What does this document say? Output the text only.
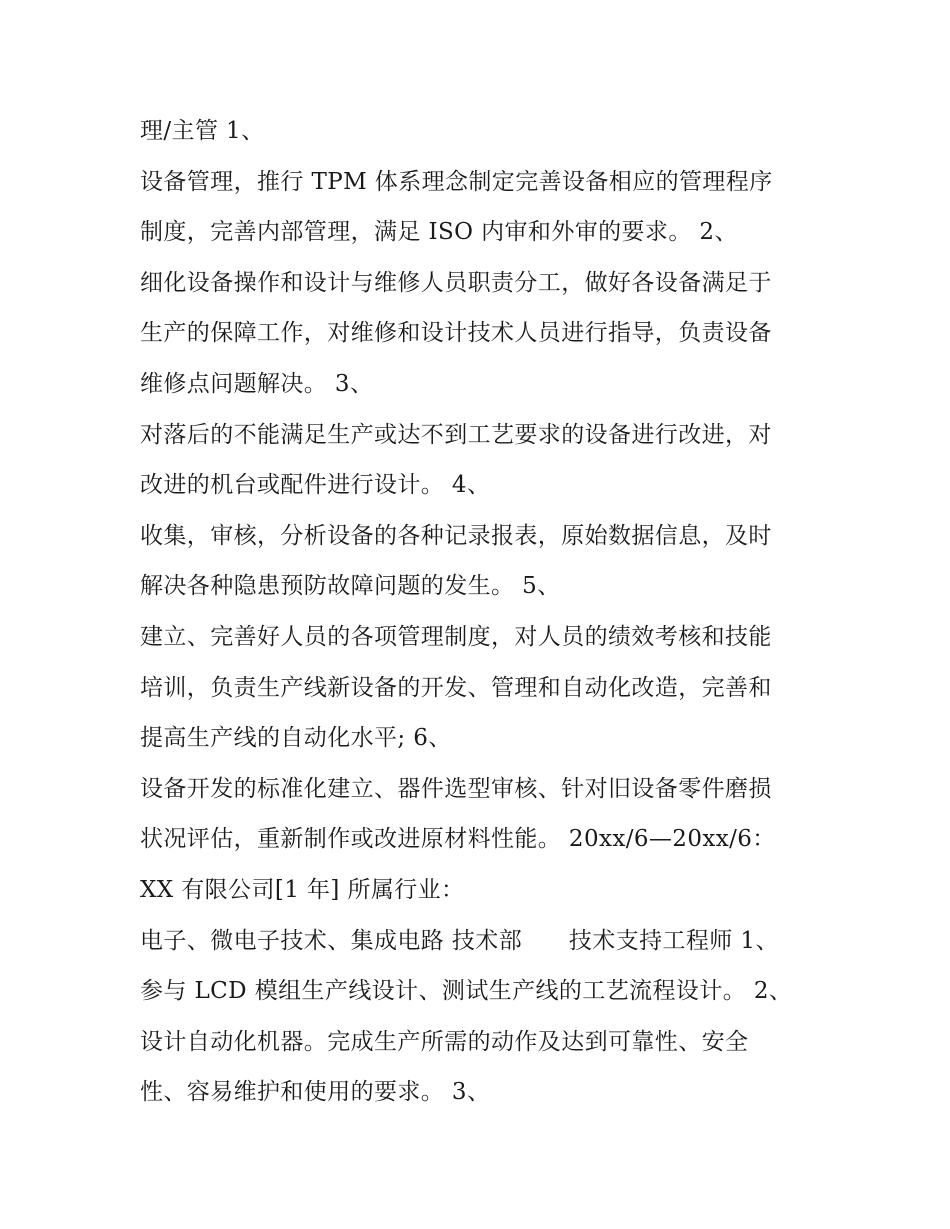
理/主管 1、
设备管理，推行 TPM 体系理念制定完善设备相应的管理程序
制度，完善内部管理，满足 ISO 内审和外审的要求。 2、
细化设备操作和设计与维修人员职责分工，做好各设备满足于
生产的保障工作，对维修和设计技术人员进行指导，负责设备
维修点问题解决。 3、
对落后的不能满足生产或达不到工艺要求的设备进行改进，对
改进的机台或配件进行设计。 4、
收集，审核，分析设备的各种记录报表，原始数据信息，及时
解决各种隐患预防故障问题的发生。 5、
建立、完善好人员的各项管理制度，对人员的绩效考核和技能
培训，负责生产线新设备的开发、管理和自动化改造，完善和
提高生产线的自动化水平; 6、
设备开发的标准化建立、器件选型审核、针对旧设备零件磨损
状况评估，重新制作或改进原材料性能。 20xx/6—20xx/6：
XX 有限公司[1 年] 所属行业：
电子、微电子技术、集成电路 技术部　　技术支持工程师 1、
参与 LCD 模组生产线设计、测试生产线的工艺流程设计。 2、
设计自动化机器。完成生产所需的动作及达到可靠性、安全
性、容易维护和使用的要求。 3、
